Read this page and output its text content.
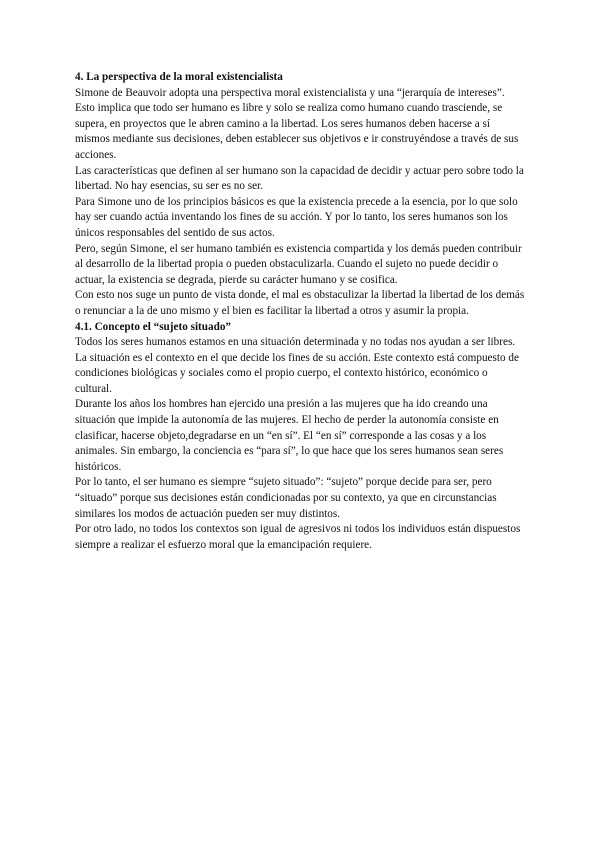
4. La perspectiva de la moral existencialista

Simone de Beauvoir adopta una perspectiva moral existencialista y una “jerarquía de intereses”. Esto implica que todo ser humano es libre y solo se realiza como humano cuando trasciende, se supera, en proyectos que le abren camino a la libertad. Los seres humanos deben hacerse a sí mismos mediante sus decisiones, deben establecer sus objetivos e ir construyéndose a través de sus acciones.

Las características que definen al ser humano son la capacidad de decidir y actuar pero sobre todo la libertad. No hay esencias, su ser es no ser.

Para Simone uno de los principios básicos es que la existencia precede a la esencia, por lo que solo hay ser cuando actúa inventando los fines de su acción. Y por lo tanto, los seres humanos son los únicos responsables del sentido de sus actos.

Pero, según Simone, el ser humano también es existencia compartida y los demás pueden contribuir al desarrollo de la libertad propia o pueden obstaculizarla. Cuando el sujeto no puede decidir o actuar, la existencia se degrada, pierde su carácter humano y se cosifica.

Con esto nos suge un punto de vista donde, el mal es obstaculizar la libertad la libertad de los demás o renunciar a la de uno mismo y el bien es facilitar la libertad a otros y asumir la propia.

4.1. Concepto el “sujeto situado”

Todos los seres humanos estamos en una situación determinada y no todas nos ayudan a ser libres. La situación es el contexto en el que decide los fines de su acción. Este contexto está compuesto de condiciones biológicas y sociales como el propio cuerpo, el contexto histórico, económico o cultural.

Durante los años los hombres han ejercido una presión a las mujeres que ha ido creando una situación que impide la autonomía de las mujeres. El hecho de perder la autonomía consiste en clasificar, hacerse objeto,degradarse en un “en sí”. El “en sí” corresponde a las cosas y a los animales. Sin embargo, la conciencia es “para sí”, lo que hace que los seres humanos sean seres históricos.

Por lo tanto, el ser humano es siempre “sujeto situado”: “sujeto” porque decide para ser, pero “situado” porque sus decisiones están condicionadas por su contexto, ya que en circunstancias similares los modos de actuación pueden ser muy distintos.

Por otro lado, no todos los contextos son igual de agresivos ni todos los individuos están dispuestos siempre a realizar el esfuerzo moral que la emancipación requiere.
